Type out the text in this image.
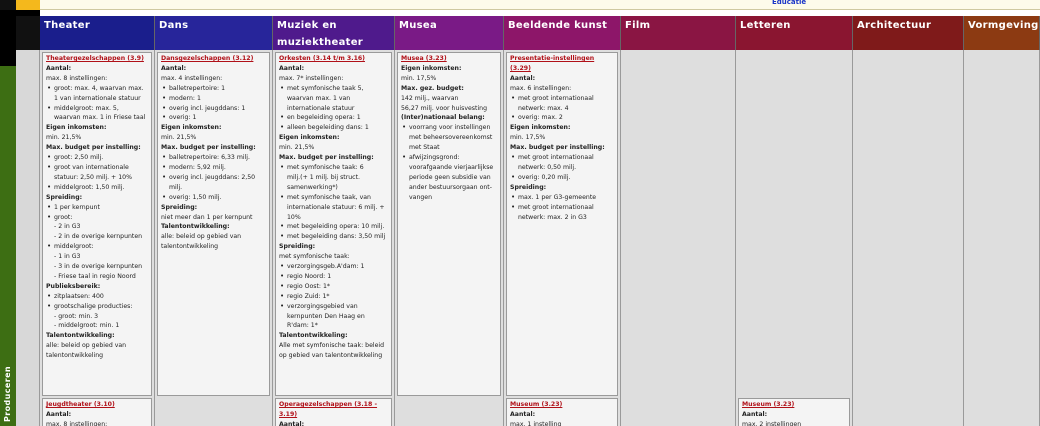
Educatie
Produceren
Theater
Theatergezelschappen (3.9)
Aantal:
max. 8 instellingen:
• groot: max. 4, waarvan max.
1 van internationale statuur
• middelgroot: max. 5,
waarvan max. 1 in Friese taal
Eigen inkomsten:
min. 21,5%
Max. budget per instelling:
• groot: 2,50 milj.
• groot van internationale
statuur: 2,50 milj. + 10%
• middelgroot: 1,50 milj.
Spreiding:
• 1 per kernpunt
• groot:
- 2 in G3
- 2 in de overige kernpunten
• middelgroot:
- 1 in G3
- 3 in de overige kernpunten
- Friese taal in regio Noord
Publieksbereik:
• zitplaatsen: 400
• grootschalige producties:
- groot: min. 3
- middelgroot: min. 1
Talentontwikkeling:
alle: beleid op gebied van
talentontwikkeling
Jeugdtheater (3.10)
Aantal:
max. 8 instellingen:
Dans
Dansgezelschappen (3.12)
Aantal:
max. 4 instellingen:
• balletrepertoire: 1
• modern: 1
• overig incl. jeugddans: 1
• overig: 1
Eigen inkomsten:
min. 21,5%
Max. budget per instelling:
• balletrepertoire: 6,33 milj.
• modern: 5,92 milj.
• overig incl. jeugddans: 2,50
milj.
• overig: 1,50 milj.
Spreiding:
niet meer dan 1 per kernpunt
Talentontwikkeling:
alle: beleid op gebied van
talentontwikkeling
Muziek en muziektheater
Orkesten (3.14 t/m 3.16)
Aantal:
max. 7* instellingen:
• met symfonische taak 5,
waarvan max. 1 van
internationale statuur
• en begeleiding opera: 1
• alleen begeleiding dans: 1
Eigen inkomsten:
min. 21,5%
Max. budget per instelling:
• met symfonische taak: 6
milj.(+ 1 milj. bij struct.
samenwerking*)
• met symfonische taak, van
internationale statuur: 6 milj. +
10%
• met begeleiding opera: 10 milj.
• met begeleiding dans: 3,50 milj
Spreiding:
met symfonische taak:
• verzorgingsgeb.A'dam: 1
• regio Noord: 1
• regio Oost: 1*
• regio Zuid: 1*
• verzorgingsgebied van
kernpunten Den Haag en
R'dam: 1*
Talentontwikkeling:
Alle met symfonische taak: beleid
op gebied van talentontwikkeling
Operagezelschappen (3.18 - 3.19)
Aantal:
Musea
Musea (3.23)
Eigen inkomsten:
min. 17,5%
Max. gez. budget:
142 milj., waarvan
56,27 milj. voor huisvesting
(Inter)nationaal belang:
• voorrang voor instellingen
met beheersovereenkomst
met Staat
• afwijzingsgrond:
voorafgaande vierjaarlijkse
periode geen subsidie van
ander bestuursorgaan ont-
vangen
Beeldende kunst
Presentatie-instellingen (3.29)
Aantal:
max. 6 instellingen:
• met groot internationaal
netwerk: max. 4
• overig: max. 2
Eigen inkomsten:
min. 17,5%
Max. budget per instelling:
• met groot internationaal
netwerk: 0,50 milj.
• overig: 0,20 milj.
Spreiding:
• max. 1 per G3-gemeente
• met groot internationaal
netwerk: max. 2 in G3
Museum (3.23)
Aantal:
max. 1 instelling
Film	Letteren
Museum (3.23)
Aantal:
max. 2 instellingen
Architectuur	Vormgeving
